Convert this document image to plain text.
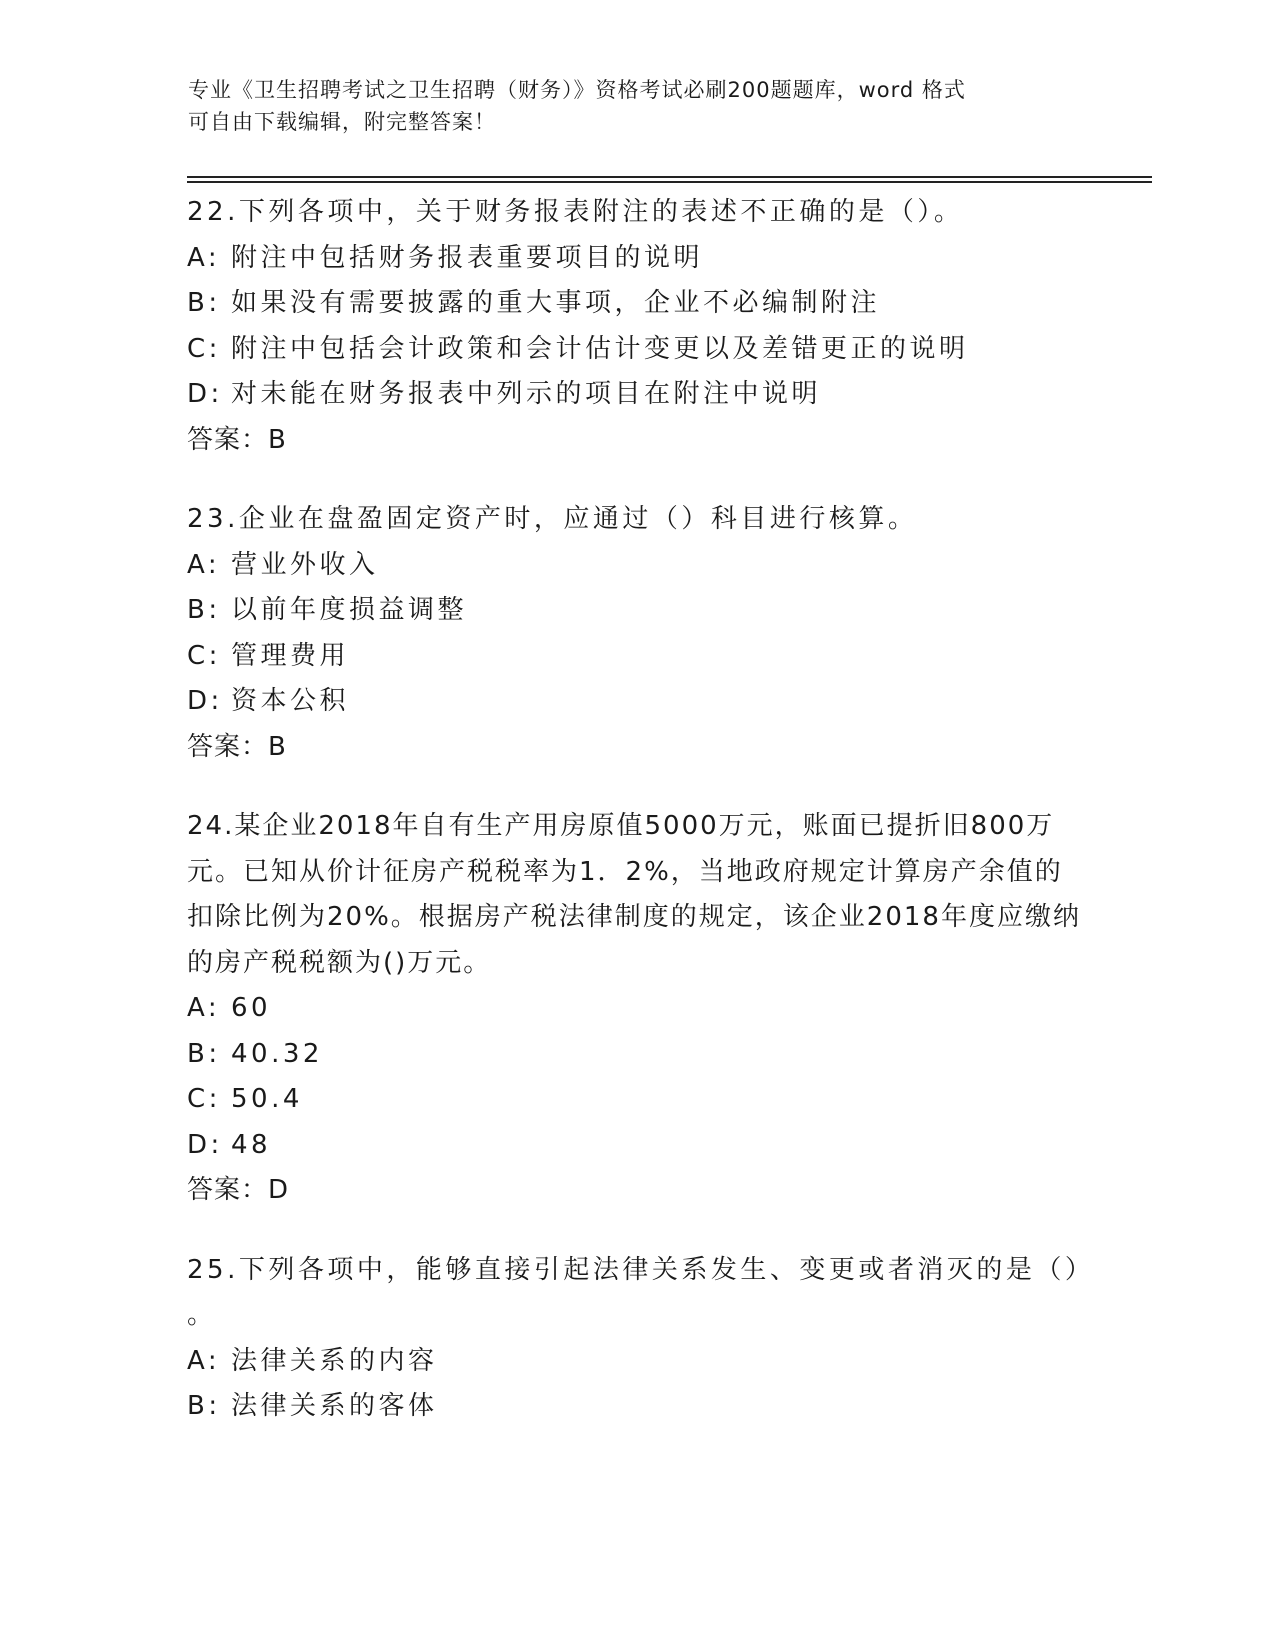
专业《卫生招聘考试之卫生招聘（财务）》资格考试必刷200题题库，word 格式
可自由下载编辑，附完整答案！
22.下列各项中，关于财务报表附注的表述不正确的是（）。
A: 附注中包括财务报表重要项目的说明
B: 如果没有需要披露的重大事项，企业不必编制附注
C: 附注中包括会计政策和会计估计变更以及差错更正的说明
D: 对未能在财务报表中列示的项目在附注中说明
答案：B
23.企业在盘盈固定资产时，应通过（）科目进行核算。
A: 营业外收入
B: 以前年度损益调整
C: 管理费用
D: 资本公积
答案：B
24.某企业2018年自有生产用房原值5000万元，账面已提折旧800万元。已知从价计征房产税税率为1．2%，当地政府规定计算房产余值的扣除比例为20%。根据房产税法律制度的规定，该企业2018年度应缴纳的房产税税额为()万元。
A: 60
B: 40.32
C: 50.4
D: 48
答案：D
25.下列各项中，能够直接引起法律关系发生、变更或者消灭的是（）
。
A: 法律关系的内容
B: 法律关系的客体
